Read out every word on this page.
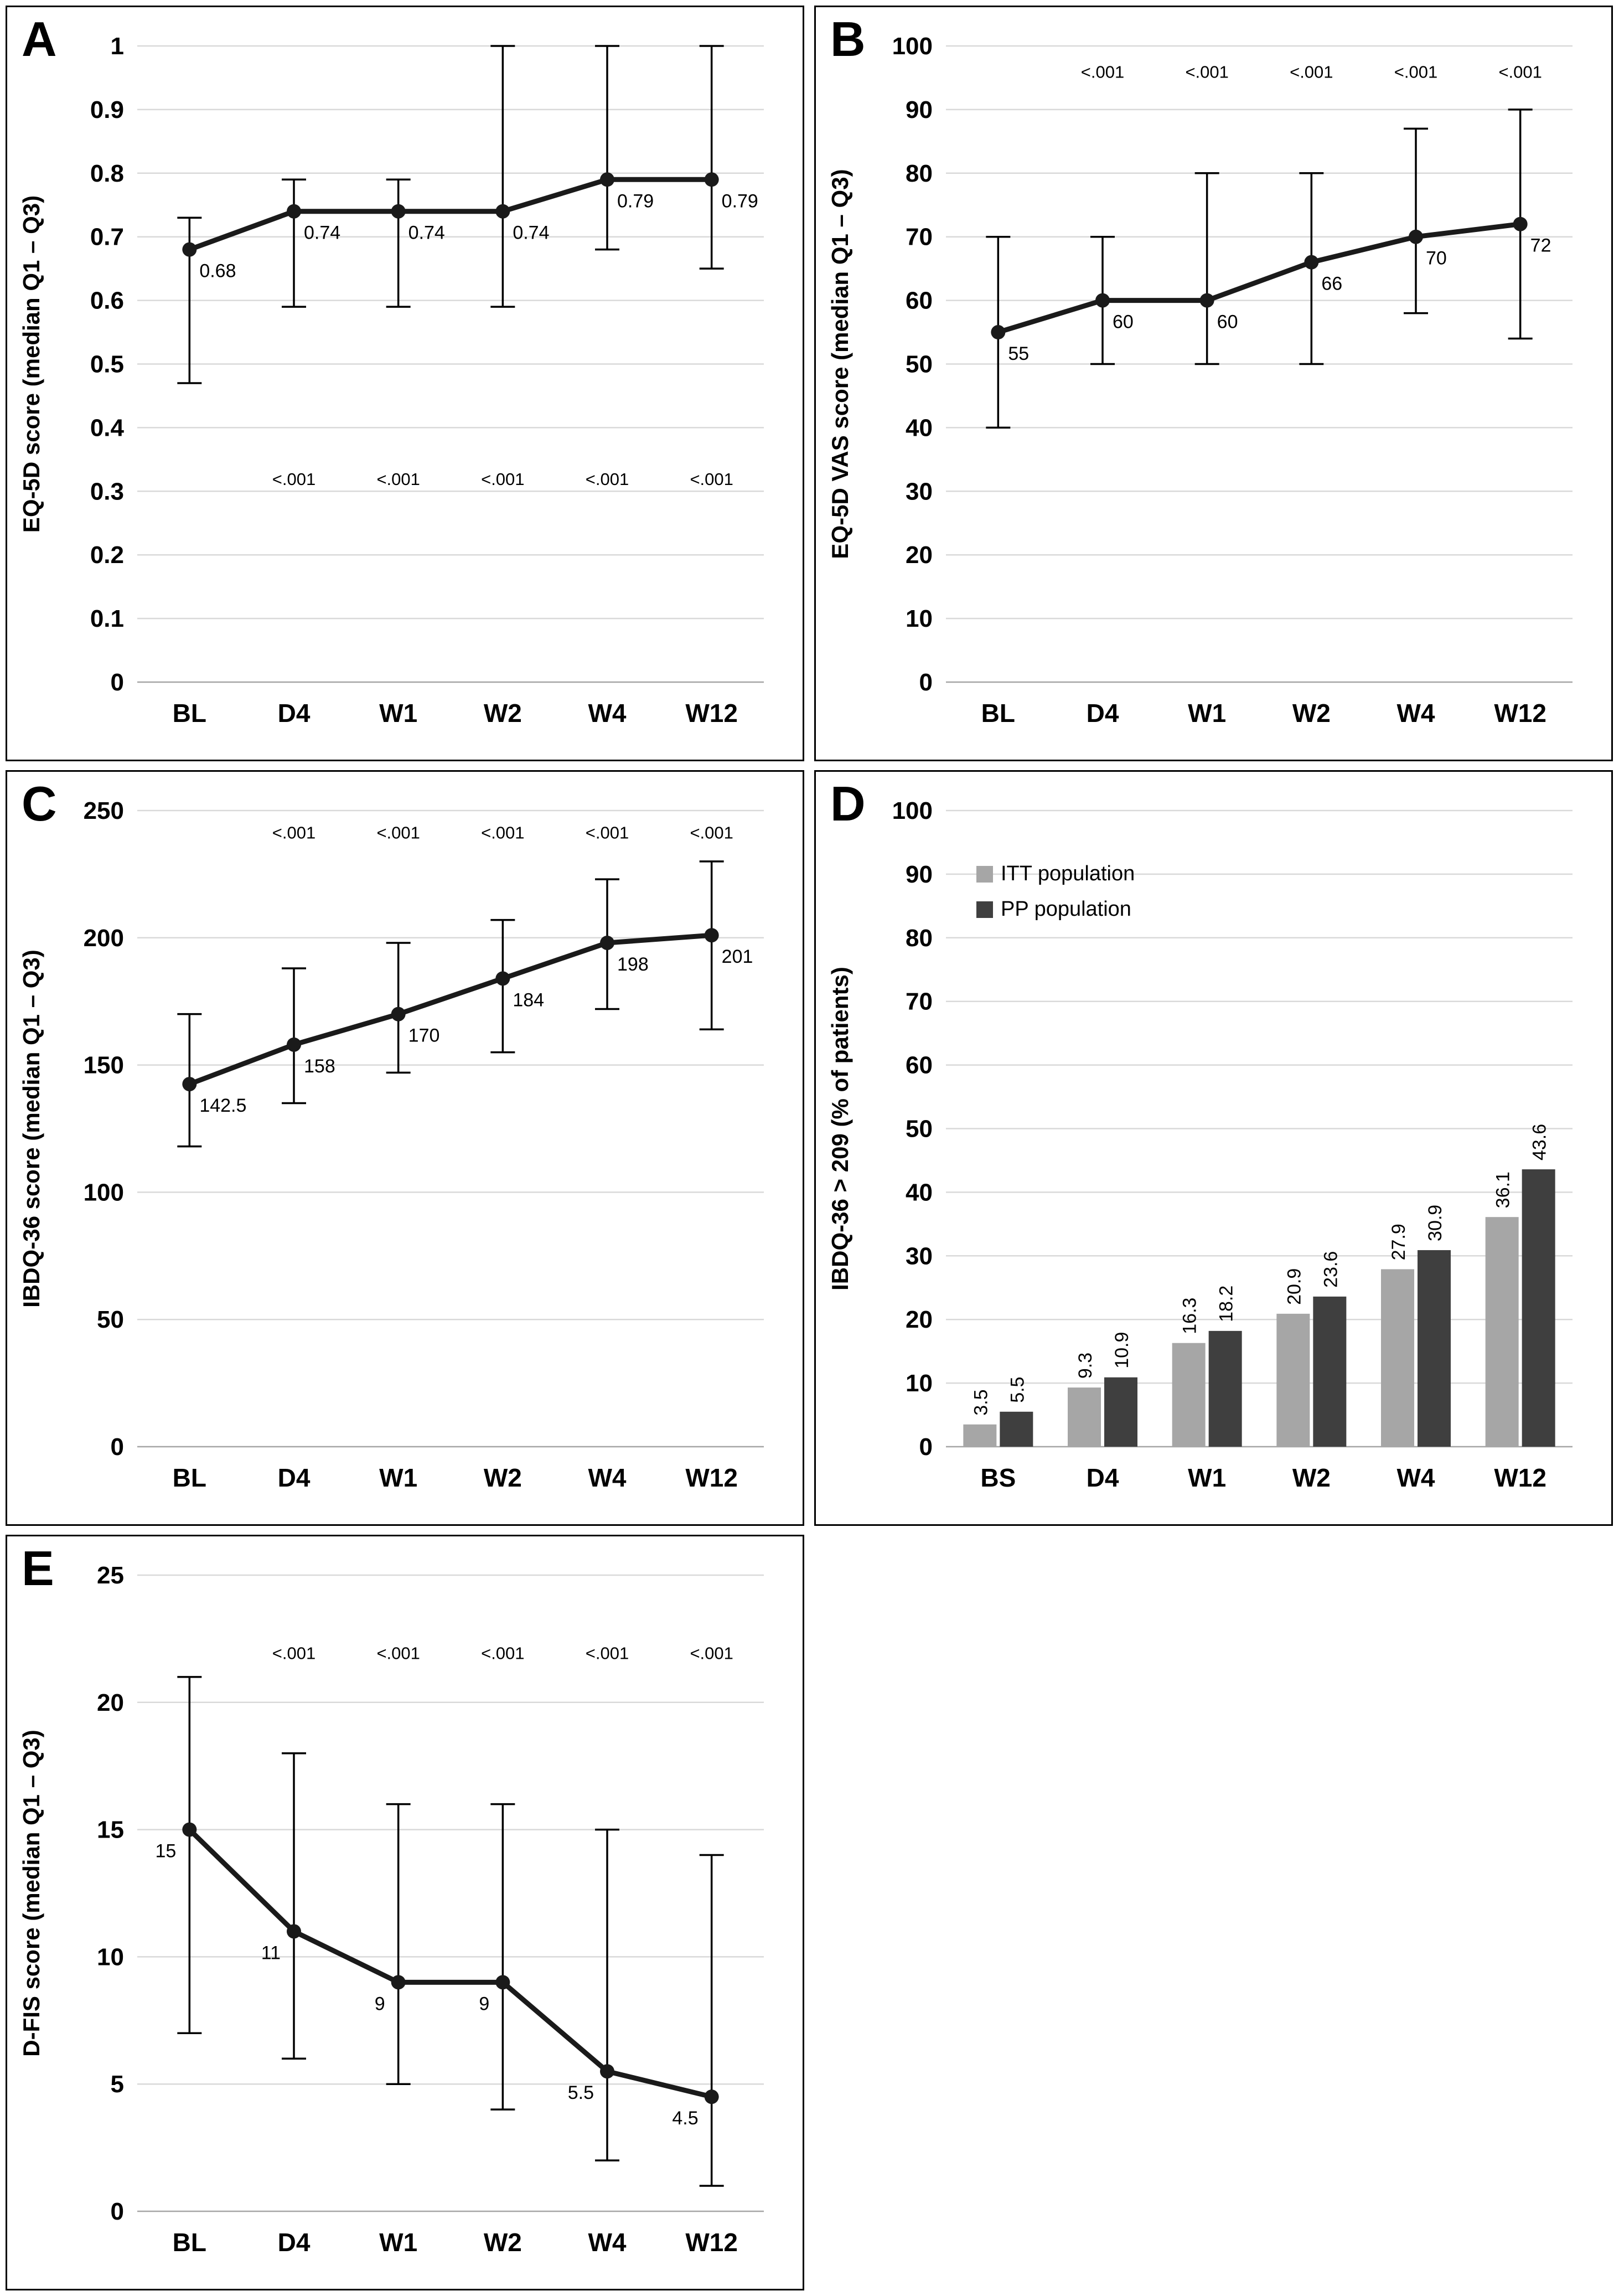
A
0
0.1
0.2
0.3
0.4
0.5
0.6
0.7
0.8
0.9
1
BL	D4	W1	W2	W4 W12
EQ-5D score (median Q1 – Q3)	<.001	<.001	<.001	<.001	<.001
0.68
0.74	0.74	0.74
0.79	0.79
B
0
10
20
30
40
50
60
70
80
90
100
BL	D4	W1	W2	W4 W12
EQ-5D VAS score (median Q1 – Q3)
<.001	<.001	<.001	<.001	<.001
55
60	60
66
70
72
C
0
50
100
150
200
250
BL	D4	W1	W2	W4 W12
IBDQ-36 score (median Q1 – Q3)
<.001	<.001	<.001	<.001	<.001
142.5
158
170
184
198	201
D
0
10
20
30
40
50
60
70
80
90
100
BS	D4	W1	W2	W4 W12
IBDQ-36 > 209 (% of patients)
3.5
9.3
16.3
20.9
27.9
36.1
5.5
10.9
18.2
23.6
30.9
43.6
ITT population
PP population
E
0
5
10
15
20
25
BL	D4	W1	W2	W4 W12
D-FIS score (median Q1 – Q3)
<.001	<.001	<.001	<.001	<.001
15
11
9	9
5.5
4.5
